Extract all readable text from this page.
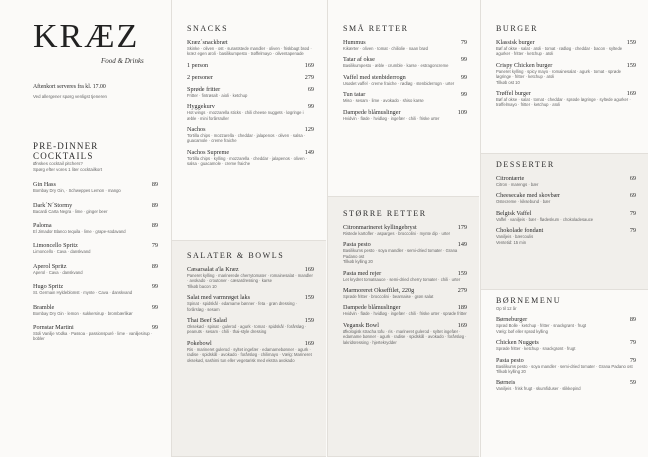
KRÆZ
Food & Drinks
Aftenkort serveres fra kl. 17.00
Ved allergener spørg venligst tjeneren
PRE-DINNER COCKTAILS
Ønskes cocktail pitchers?
Spørg efter vores 1 liter cocktailkort
Gin Hass	89
Bombay Dry Gin, · Schweppes Lemon · mango
Dark´N´Stormy	89
Bacardi Carta Negra · lime · ginger beer
Paloma	89
El Jimador Blanco tequila · lime · grape-sodavand
Limoncello Spritz	79
Limoncello · Cava · danskvand
Aperol Spritz	89
Aperol · Cava · danskvand
Hugo Spritz	99
St. Germain Hyldeblomst · mynte · Cava · danskvand
Bramble	99
Bombay Dry Gin · lemon · sukkersirup · brombærlikør
Pornstar Martini	99
Stoli Vanilje Vodka · Passoa · passionspuré · lime · vaniljesirup · bobler
SNACKS
Kræz´snackbræt
Skinke · oliven · ost · suraststede mandler · oliven · friskbagt brød · kræz egen aïoli · basilikumpesto · trøffelmayo · oliventapenade
1 person	169
2 personer	279
Sprøde fritter	69
Fritter · fintrøsalt · aioli · ketchup
Hyggekurv	99
Hot wings · mozzarella sticks · chili cheese nuggets · løgringe i æble · mini forårsruller
Nachos	129
Tortilla chips · mozzarella · cheddar · jalapenos · oliven · salsa · guacamole · creme fraiche
Nachos Supreme	149
Tortilla chips · kylling · mozzarella · cheddar · jalapenos · oliven · salsa · guacamole · creme fraiche
SALATER & BOWLS
Cæsarsalat a'la Kræz	169
Paneret kylling · marinerede cherrytomater · romainesalat · mandler · avokado · croutoner · cæsardressing · karse
Tilkøb bacon 10
Salat med varmrøget laks	159
Spinat · spidskål · edamame bønner · feta · grøn dressing · forårsløg · sesam
Thai Beef Salad	159
Oksekød · spinat · gulerod · agurk · tomat · spidskål · forårsløg · peanuts · sesam · chili · thai-style dressing
Pokebowl	169
Ris · marineret gulerod · syltet ingefær · edamamebønner · agurk · radise · spidskål · avokado · forårsløg · chilimayo · Vælg: Marineret oksekød, sashimi tun eller vegetarisk med ekstra avokado
SMÅ RETTER
Hummus	79
Kikærter · oliven · tomat · chiliolie · naan brød
Tatar af okse	99
Basilikumpesto · æble · crumble · karse · estragoncreme
Vaffel med stenbiderrogn	99
Usødet vaffel · creme fraiche · rødløg · stenbiderrogn · urter
Tun tatar	99
Miso · sesam · lime · avokado · shiso karse
Dampede blåmuslinger	109
Hvidvin · fløde · hvidløg · ingefær · chili · friske urter
STØRRE RETTER
Citronmarineret kyllingebryst	179
Ristede kartofler · asparges · broccolini · mynte dip · urter
Pasta pesto	149
Basilikums pesto · soya mandler · semi-dried tomater · Grana Padano ost
Tilkøb kylling 20
Pasta med rejer	159
Let krydret tomatsauce · semi-dried cherry tomater · chili · urter
Marmoreret Okseffilet, 220g	279
Sprøde fritter · broccolini · bearnaise · grøn salat
Dampede blåmuslinger	189
Hvidvin · fløde · hvidløg · ingefær · chili · friske urter · sprøde fritter
Vegansk Bowl	169
Økologisk stracha tofu · ris · marineret gulerod · syltet ingefær · edamame bønner · agurk · radise · spidskål · avokado · forårsløg · lakridsressing · hjertekrydder
BURGER
Klassisk burger	159
Bøf af okse · salat · aïoli · tomat · rødløg · cheddar · bacon · syltede agurker · fritter · ketchup · aïoli
Crispy Chicken burger	159
Paneret kylling · spicy mayo · romainesalat · agurk · tomat · sprøde løgringe · fritter · ketchup · aïoli
Tilkøb ost 10
Trøffel burger	169
Bøf af okse · salat · tomat · cheddar · sprøde løgringe · syltede agurker · trøffelmayo · fritter · ketchup · aïoli
DESSERTER
Citrontærte	69
Citron · marengs · bær
Cheesecake med skovbær	69
Ostecreme · kiksebund · bær
Belgisk Vaffel	79
Vaffel · vaniljeis · bær · flødeskum · chokoladesauce
Chokolade fondant	79
Vaniljeis · bærcoulis
Ventetid: 15 min
BØRNEMENU
Op til 12 år
Børneburger	89
Sprød Bolle · ketchup · fritter · snackgrønt · frugt
Vælg: bøf eller sprød kylling
Chicken Nuggets	79
Sprøde fritter · ketchup · snackgrønt · frugt
Pasta pesto	79
Basilikums pesto · soya mandler · semi-dried tomater · Grana Padano ost
Tilkøb kylling 20
Børneis	59
Vaniljeis · frisk frugt · skumfiduser · slikkepind
